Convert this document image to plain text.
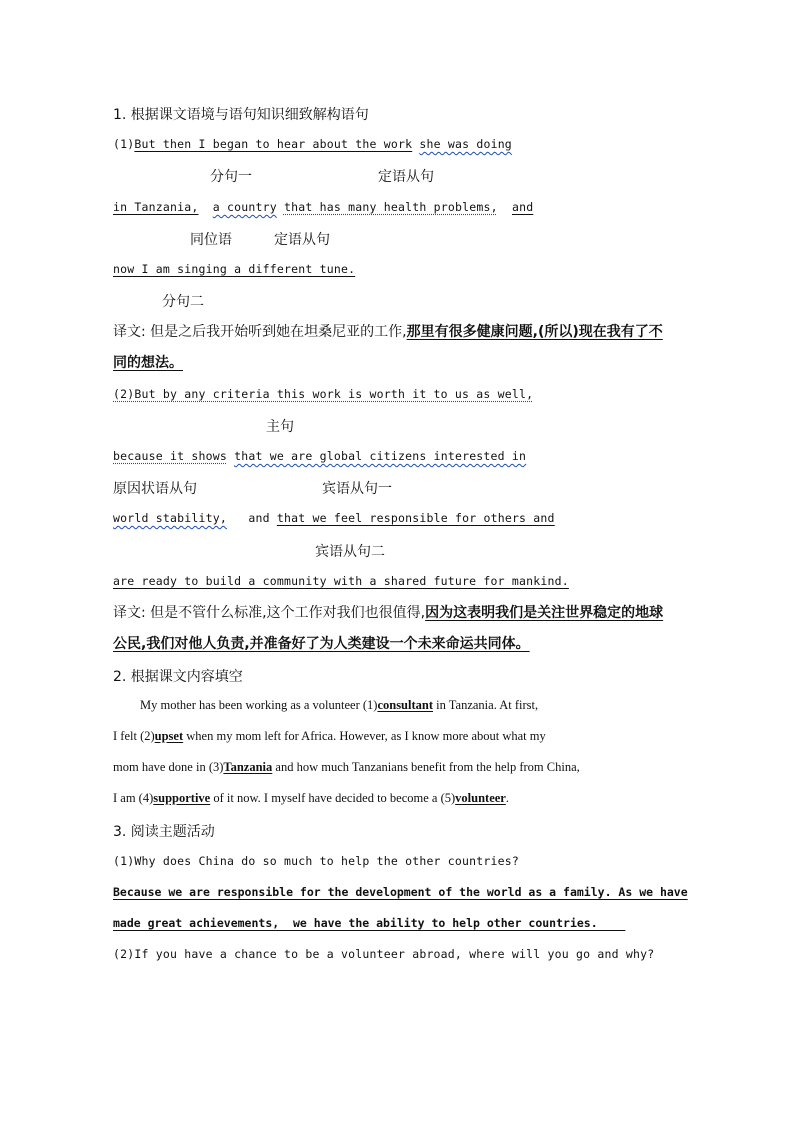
1. 根据课文语境与语句知识细致解构语句
(1)But then I began to hear about the work she was doing
分句一	定语从句
in Tanzania, a country that has many health problems, and
同位语	定语从句
now I am singing a different tune.
分句二
译文: 但是之后我开始听到她在坦桑尼亚的工作,那里有很多健康问题,(所以)现在我有了不
同的想法。
(2)But by any criteria this work is worth it to us as well,
主句
because it shows that we are global citizens interested in
原因状语从句	宾语从句一
world stability, and that we feel responsible for others and
宾语从句二
are ready to build a community with a shared future for mankind.
译文: 但是不管什么标准,这个工作对我们也很值得,因为这表明我们是关注世界稳定的地球
公民,我们对他人负责,并准备好了为人类建设一个未来命运共同体。
2. 根据课文内容填空
My mother has been working as a volunteer (1)consultant in Tanzania. At first,
I felt (2)upset when my mom left for Africa. However, as I know more about what my
mom have done in (3)Tanzania and how much Tanzanians benefit from the help from China,
I am (4)supportive of it now. I myself have decided to become a (5)volunteer.
3. 阅读主题活动
(1)Why does China do so much to help the other countries?
Because we are responsible for the development of the world as a family. As we have
made great achievements,  we have the ability to help other countries.
(2)If you have a chance to be a volunteer abroad, where will you go and why?
